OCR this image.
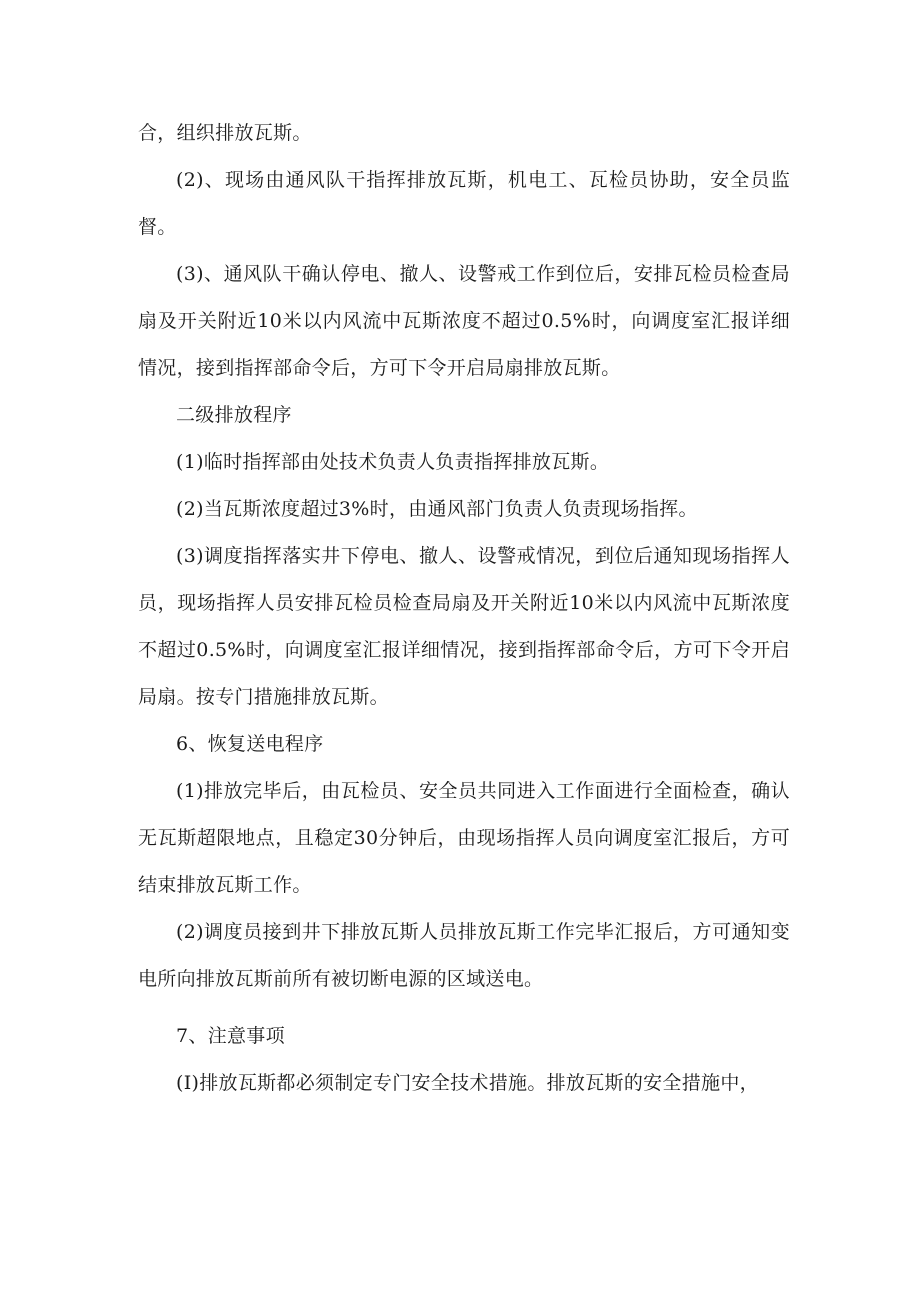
合，组织排放瓦斯。

(2)、现场由通风队干指挥排放瓦斯，机电工、瓦检员协助，安全员监督。

(3)、通风队干确认停电、撤人、设警戒工作到位后，安排瓦检员检查局扇及开关附近10米以内风流中瓦斯浓度不超过0.5%时，向调度室汇报详细情况，接到指挥部命令后，方可下令开启局扇排放瓦斯。

二级排放程序

(1)临时指挥部由处技术负责人负责指挥排放瓦斯。

(2)当瓦斯浓度超过3%时，由通风部门负责人负责现场指挥。

(3)调度指挥落实井下停电、撤人、设警戒情况，到位后通知现场指挥人员，现场指挥人员安排瓦检员检查局扇及开关附近10米以内风流中瓦斯浓度不超过0.5%时，向调度室汇报详细情况，接到指挥部命令后，方可下令开启局扇。按专门措施排放瓦斯。

6、恢复送电程序

(1)排放完毕后，由瓦检员、安全员共同进入工作面进行全面检查，确认无瓦斯超限地点，且稳定30分钟后，由现场指挥人员向调度室汇报后，方可结束排放瓦斯工作。

(2)调度员接到井下排放瓦斯人员排放瓦斯工作完毕汇报后，方可通知变电所向排放瓦斯前所有被切断电源的区域送电。

7、注意事项

(I)排放瓦斯都必须制定专门安全技术措施。排放瓦斯的安全措施中，
